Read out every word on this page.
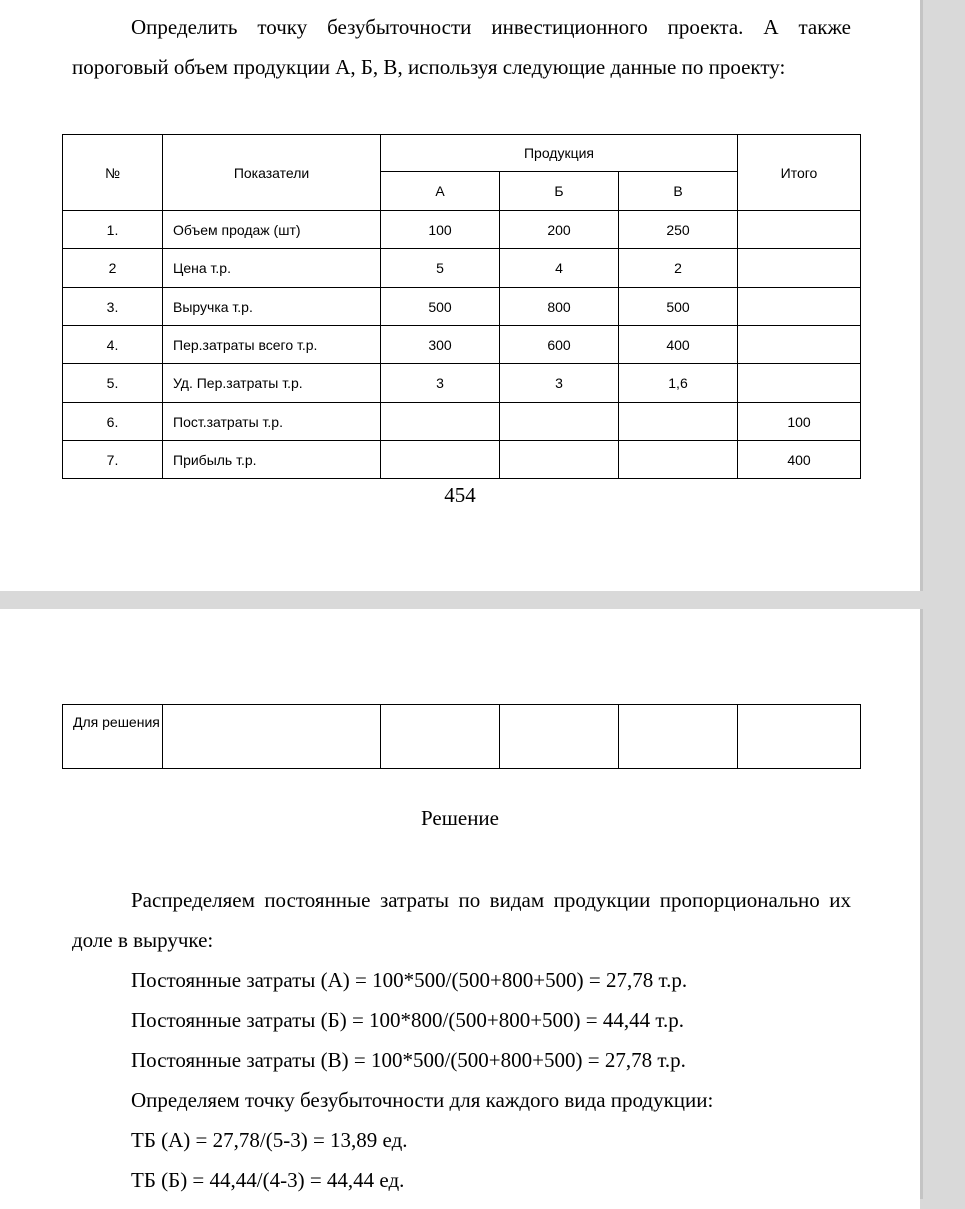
Определить точку безубыточности инвестиционного проекта. А также пороговый объем продукции А, Б, В, используя следующие данные по проекту:
№	Показатели	Продукция			Итого
		А	Б	В	
1.	Объем продаж (шт)	100	200	250	
2	Цена т.р.	5	4	2	
3.	Выручка т.р.	500	800	500	
4.	Пер.затраты всего т.р.	300	600	400	
5.	Уд. Пер.затраты т.р.	3	3	1,6	
6.	Пост.затраты т.р.				100
7.	Прибыль т.р.				400
454
Для решения					
Решение
Распределяем постоянные затраты по видам продукции пропорционально их доле в выручке:
Постоянные затраты (А) = 100*500/(500+800+500) = 27,78 т.р.
Постоянные затраты (Б) = 100*800/(500+800+500) = 44,44 т.р.
Постоянные затраты (В) = 100*500/(500+800+500) = 27,78 т.р.
Определяем точку безубыточности для каждого вида продукции:
ТБ (А) = 27,78/(5-3) = 13,89 ед.
ТБ (Б) = 44,44/(4-3) = 44,44 ед.
